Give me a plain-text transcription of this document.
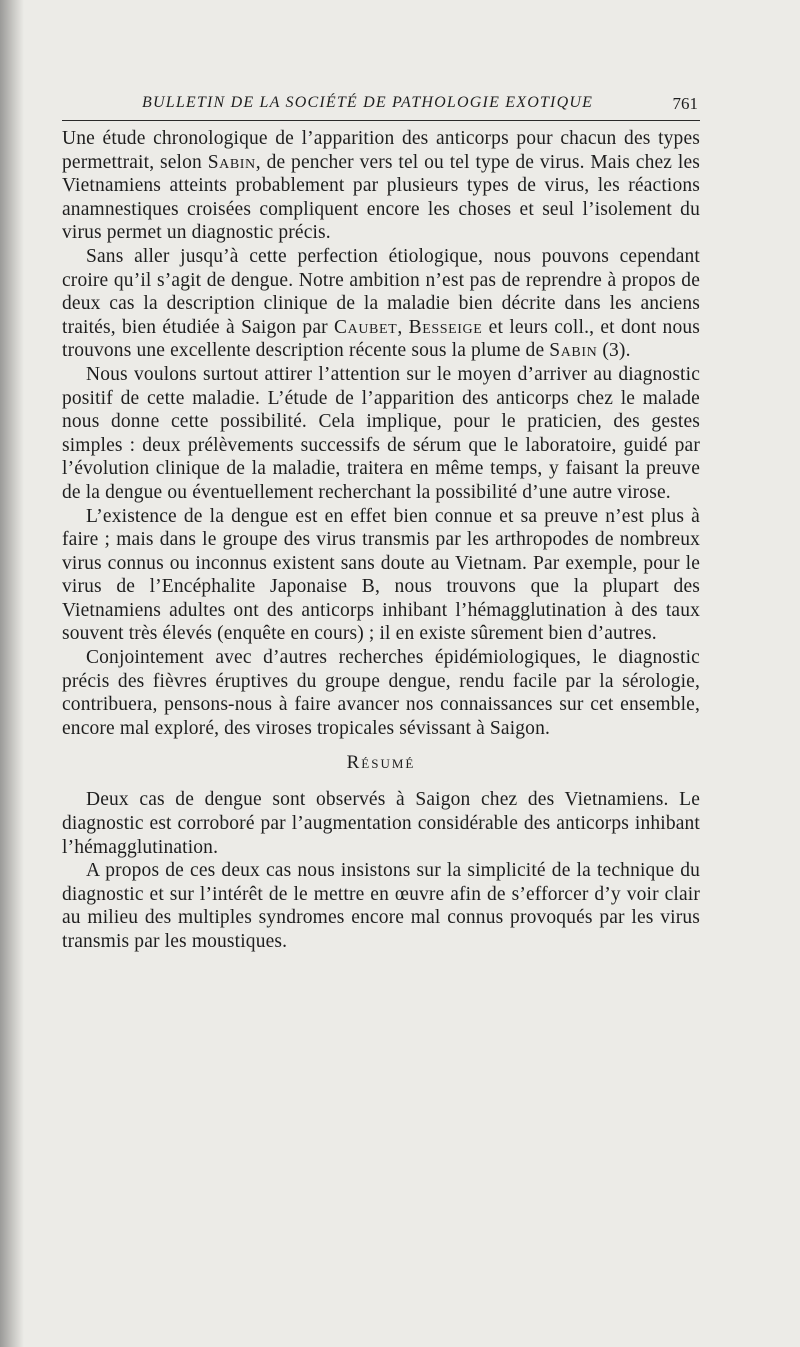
BULLETIN DE LA SOCIÉTÉ DE PATHOLOGIE EXOTIQUE	761

Une étude chronologique de l’apparition des anticorps pour chacun des types permettrait, selon Sabin, de pencher vers tel ou tel type de virus. Mais chez les Vietnamiens atteints probablement par plusieurs types de virus, les réactions anamnestiques croisées compliquent encore les choses et seul l’isolement du virus permet un diagnostic précis.

Sans aller jusqu’à cette perfection étiologique, nous pouvons cependant croire qu’il s’agit de dengue. Notre ambition n’est pas de reprendre à propos de deux cas la description clinique de la maladie bien décrite dans les anciens traités, bien étudiée à Saigon par Caubet, Besseige et leurs coll., et dont nous trouvons une excellente description récente sous la plume de Sabin (3).

Nous voulons surtout attirer l’attention sur le moyen d’arriver au diagnostic positif de cette maladie. L’étude de l’apparition des anticorps chez le malade nous donne cette possibilité. Cela implique, pour le praticien, des gestes simples : deux prélèvements successifs de sérum que le laboratoire, guidé par l’évolution clinique de la maladie, traitera en même temps, y faisant la preuve de la dengue ou éventuellement recherchant la possibilité d’une autre virose.

L’existence de la dengue est en effet bien connue et sa preuve n’est plus à faire ; mais dans le groupe des virus transmis par les arthropodes de nombreux virus connus ou inconnus existent sans doute au Vietnam. Par exemple, pour le virus de l’Encéphalite Japonaise B, nous trouvons que la plupart des Vietnamiens adultes ont des anticorps inhibant l’hémagglutination à des taux souvent très élevés (enquête en cours) ; il en existe sûrement bien d’autres.

Conjointement avec d’autres recherches épidémiologiques, le diagnostic précis des fièvres éruptives du groupe dengue, rendu facile par la sérologie, contribuera, pensons-nous à faire avancer nos connaissances sur cet ensemble, encore mal exploré, des viroses tropicales sévissant à Saigon.

Résumé

Deux cas de dengue sont observés à Saigon chez des Vietnamiens. Le diagnostic est corroboré par l’augmentation considérable des anticorps inhibant l’hémagglutination.

A propos de ces deux cas nous insistons sur la simplicité de la technique du diagnostic et sur l’intérêt de le mettre en œuvre afin de s’efforcer d’y voir clair au milieu des multiples syndromes encore mal connus provoqués par les virus transmis par les moustiques.
